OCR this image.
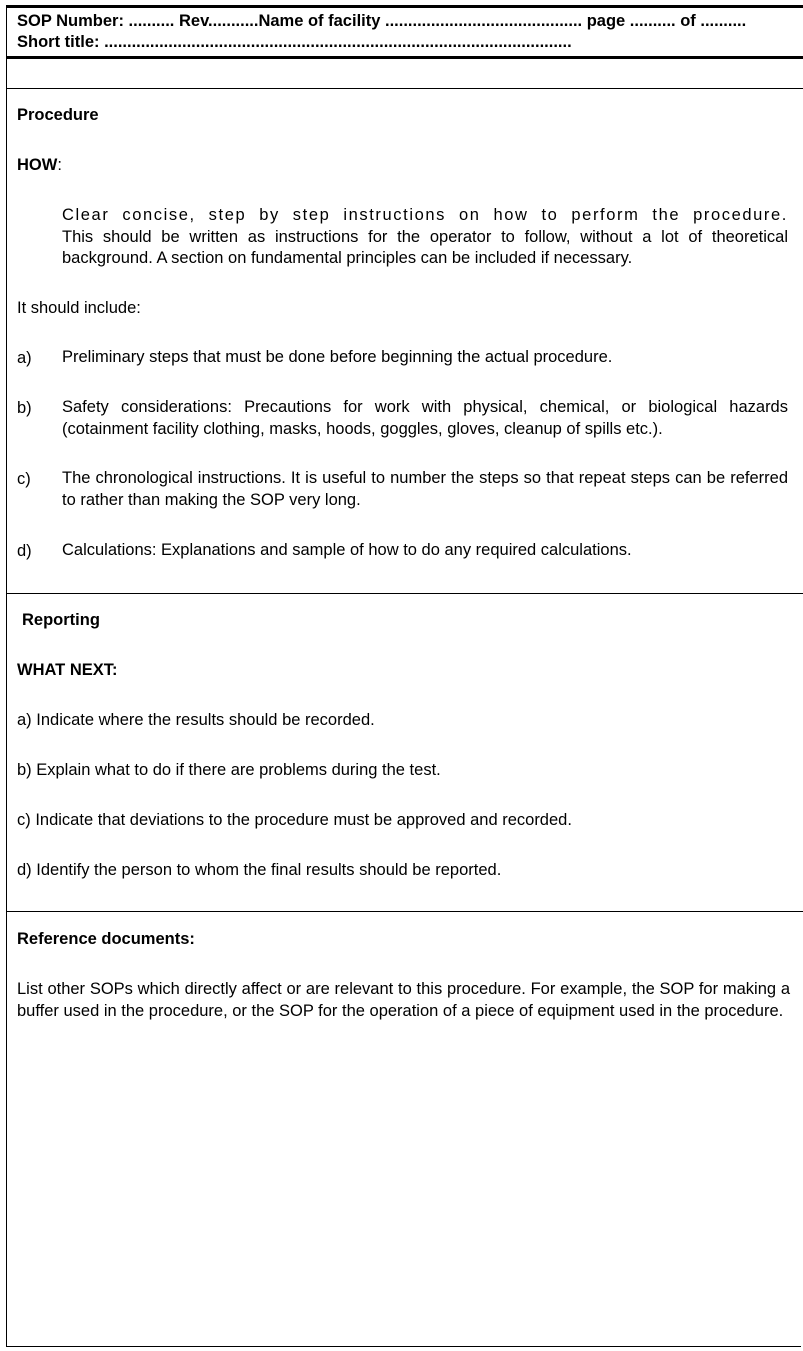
SOP Number: .......... Rev...........Name of facility ........................................... page .......... of ..........
Short title: ......................................................................................................

Procedure

HOW:

Clear concise, step by step instructions on how to perform the procedure.
This should be written as instructions for the operator to follow, without a lot of theoretical background. A section on fundamental principles can be included if necessary.

It should include:

a) Preliminary steps that must be done before beginning the actual procedure.

b) Safety considerations: Precautions for work with physical, chemical, or biological hazards (cotainment facility clothing, masks, hoods, goggles, gloves, cleanup of spills etc.).

c) The chronological instructions. It is useful to number the steps so that repeat steps can be referred to rather than making the SOP very long.

d) Calculations: Explanations and sample of how to do any required calculations.

Reporting

WHAT NEXT:

a) Indicate where the results should be recorded.

b) Explain what to do if there are problems during the test.

c) Indicate that deviations to the procedure must be approved and recorded.

d) Identify the person to whom the final results should be reported.

Reference documents:

List other SOPs which directly affect or are relevant to this procedure. For example, the SOP for making a buffer used in the procedure, or the SOP for the operation of a piece of equipment used in the procedure.
